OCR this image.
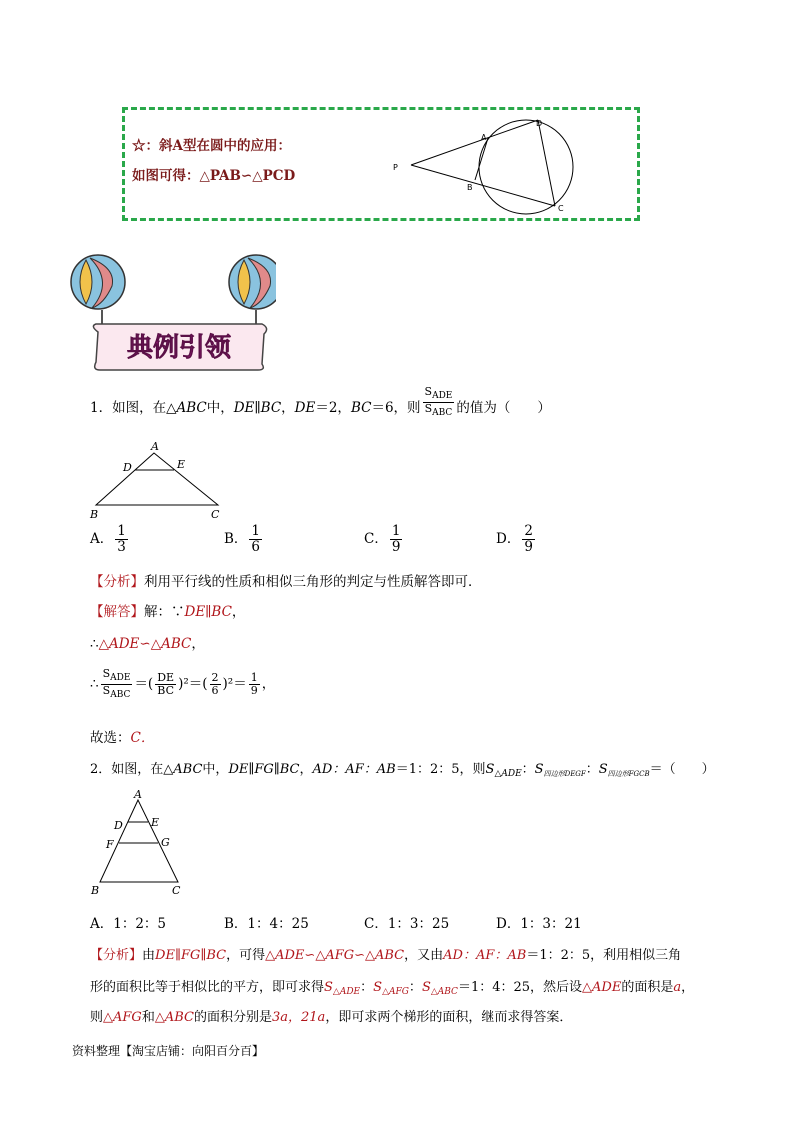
☆：斜A型在圆中的应用：
如图可得：△PAB∽△PCD
P
A
B
D
C
典例引领
1．如图，在△ABC中，DE∥BC，DE＝2，BC＝6，则 $\frac{S_{ADE}}{S_{ABC}}$ 的值为（　　）
A
D	E
B	C
A． $\frac{1}{3}$	B． $\frac{1}{6}$	C． $\frac{1}{9}$	D． $\frac{2}{9}$
【分析】利用平行线的性质和相似三角形的判定与性质解答即可．
【解答】解：∵DE∥BC，
∴△ADE∽△ABC，
∴ $\frac{S_{ADE}}{S_{ABC}}$ ＝( $\frac{DE}{BC} )^2=( \frac{2}{6} )^2= \frac{1}{9}$ ，
故选：C．
2．如图，在△ABC中，DE∥FG∥BC，AD：AF：AB＝1：2：5，则$S_{\triangle ADE}$：$S_{四边形DEGF}$：$S_{四边形FGCB}=$（　　）
A
D	E
F	G
B	C
A．1：2：5	B．1：4：25	C．1：3：25	D．1：3：21
【分析】由DE∥FG∥BC，可得△ADE∽△AFG∽△ABC，又由AD：AF：AB＝1：2：5，利用相似三角
形的面积比等于相似比的平方，即可求得$S_{\triangle ADE}$：$S_{\triangle AFG}$：$S_{\triangle ABC}=1$：4：25，然后设△ADE的面积是a，
则△AFG和△ABC的面积分别是3a，21a，即可求两个梯形的面积，继而求得答案．
资料整理【淘宝店铺：向阳百分百】
